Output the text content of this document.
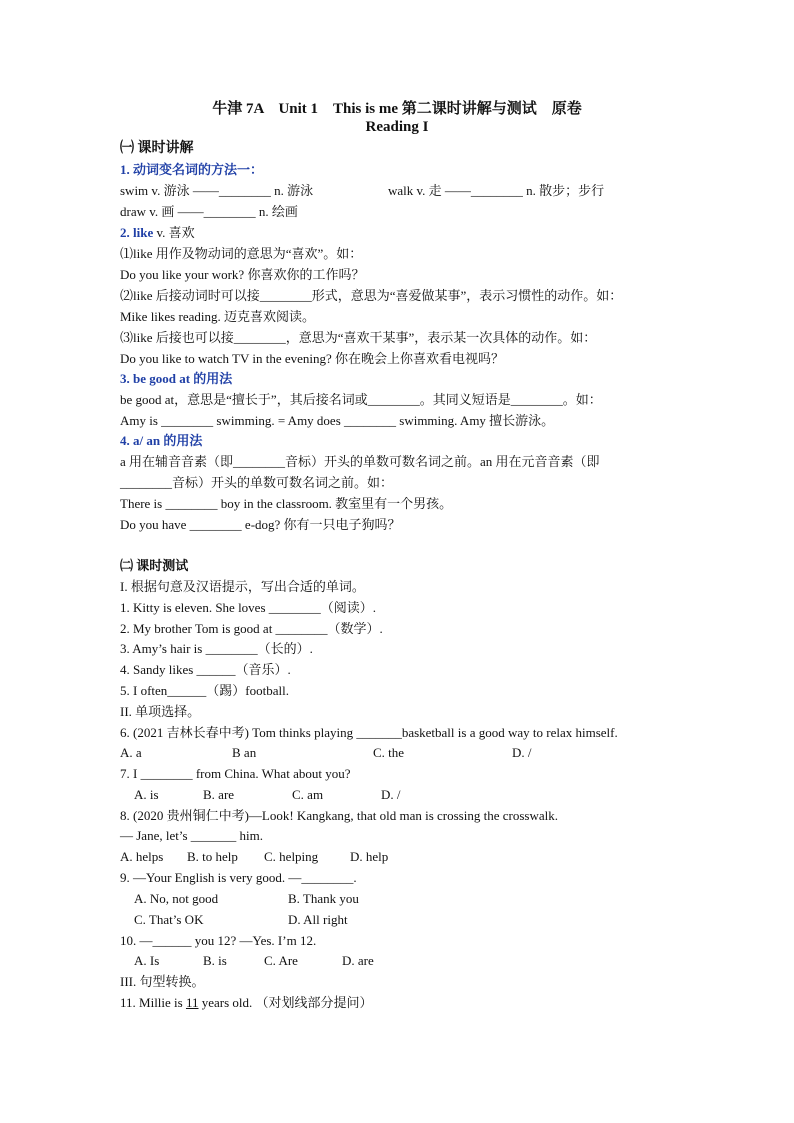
牛津 7A　Unit 1　This is me 第二课时讲解与测试　原卷
Reading I
㈠ 课时讲解
1. 动词变名词的方法一：
swim v. 游泳 ——________ n. 游泳	walk v. 走 ——________ n. 散步；步行
draw v. 画 ——________ n. 绘画
2. like v. 喜欢
⑴like 用作及物动词的意思为“喜欢”。如：
Do you like your work? 你喜欢你的工作吗？
⑵like 后接动词时可以接________形式，意思为“喜爱做某事”，表示习惯性的动作。如：
Mike likes reading. 迈克喜欢阅读。
⑶like 后接也可以接________，意思为“喜欢干某事”，表示某一次具体的动作。如：
Do you like to watch TV in the evening? 你在晚会上你喜欢看电视吗？
3. be good at 的用法
be good at，意思是“擅长于”，其后接名词或________。其同义短语是________。如：
Amy is ________ swimming. = Amy does ________ swimming. Amy 擅长游泳。
4. a/ an 的用法
a 用在辅音音素（即________音标）开头的单数可数名词之前。an 用在元音音素（即
________音标）开头的单数可数名词之前。如：
There is ________ boy in the classroom. 教室里有一个男孩。
Do you have ________ e-dog? 你有一只电子狗吗？
㈡ 课时测试
I. 根据句意及汉语提示，写出合适的单词。
1. Kitty is eleven. She loves ________（阅读）.
2. My brother Tom is good at ________（数学）.
3. Amy’s hair is ________（长的）.
4. Sandy likes ______（音乐）.
5. I often______（踢）football.
II. 单项选择。
6. (2021 吉林长春中考) Tom thinks playing _______basketball is a good way to relax himself.
A. a	B an	C. the	D. /
7. I ________ from China. What about you?
A. is	B. are	C. am	D. /
8. (2020 贵州铜仁中考)—Look! Kangkang, that old man is crossing the crosswalk.
— Jane, let’s _______ him.
A. helps B. to help C. helping D. help
9. —Your English is very good. —________.
A. No, not good	B. Thank you
C. That’s OK	D. All right
10. —______ you 12? —Yes. I’m 12.
A. Is	B. is	C. Are	D. are
III. 句型转换。
11. Millie is 11 years old. （对划线部分提问）
